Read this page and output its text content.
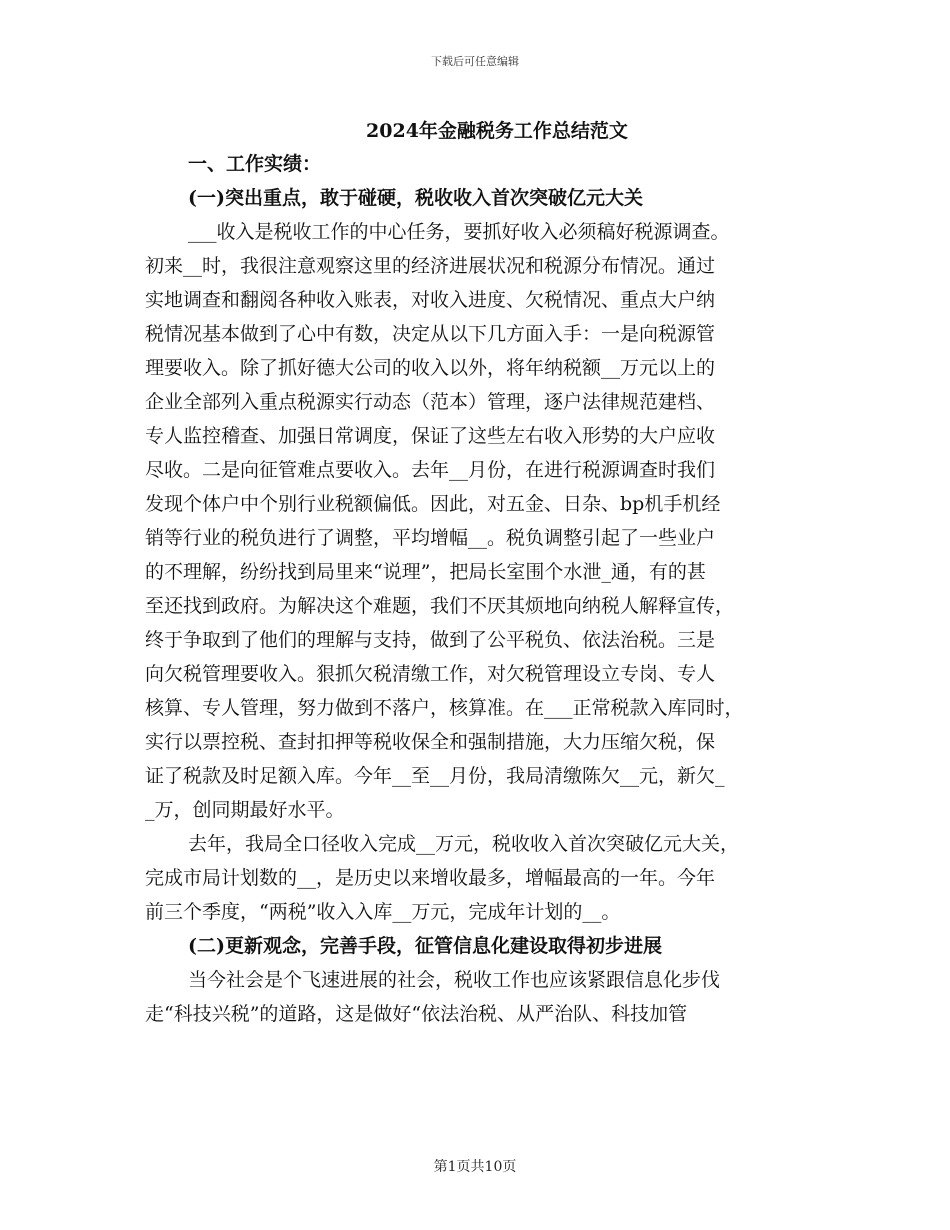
下载后可任意编辑
2024年金融税务工作总结范文
一、工作实绩：
(一)突出重点，敢于碰硬，税收收入首次突破亿元大关
___收入是税收工作的中心任务，要抓好收入必须稿好税源调查。
初来__时，我很注意观察这里的经济进展状况和税源分布情况。通过
实地调查和翻阅各种收入账表，对收入进度、欠税情况、重点大户纳
税情况基本做到了心中有数，决定从以下几方面入手：一是向税源管
理要收入。除了抓好德大公司的收入以外，将年纳税额__万元以上的
企业全部列入重点税源实行动态（范本）管理，逐户法律规范建档、
专人监控稽查、加强日常调度，保证了这些左右收入形势的大户应收
尽收。二是向征管难点要收入。去年__月份，在进行税源调查时我们
发现个体户中个别行业税额偏低。因此，对五金、日杂、bp机手机经
销等行业的税负进行了调整，平均增幅__。税负调整引起了一些业户
的不理解，纷纷找到局里来“说理”，把局长室围个水泄_通，有的甚
至还找到政府。为解决这个难题，我们不厌其烦地向纳税人解释宣传，
终于争取到了他们的理解与支持，做到了公平税负、依法治税。三是
向欠税管理要收入。狠抓欠税清缴工作，对欠税管理设立专岗、专人
核算、专人管理，努力做到不落户，核算准。在___正常税款入库同时，
实行以票控税、查封扣押等税收保全和强制措施，大力压缩欠税，保
证了税款及时足额入库。今年__至__月份，我局清缴陈欠__元，新欠_
_万，创同期最好水平。
去年，我局全口径收入完成__万元，税收收入首次突破亿元大关，
完成市局计划数的__，是历史以来增收最多，增幅最高的一年。今年
前三个季度，“两税”收入入库__万元，完成年计划的__。
(二)更新观念，完善手段，征管信息化建设取得初步进展
当今社会是个飞速进展的社会，税收工作也应该紧跟信息化步伐
走“科技兴税”的道路，这是做好“依法治税、从严治队、科技加管
第1页共10页
